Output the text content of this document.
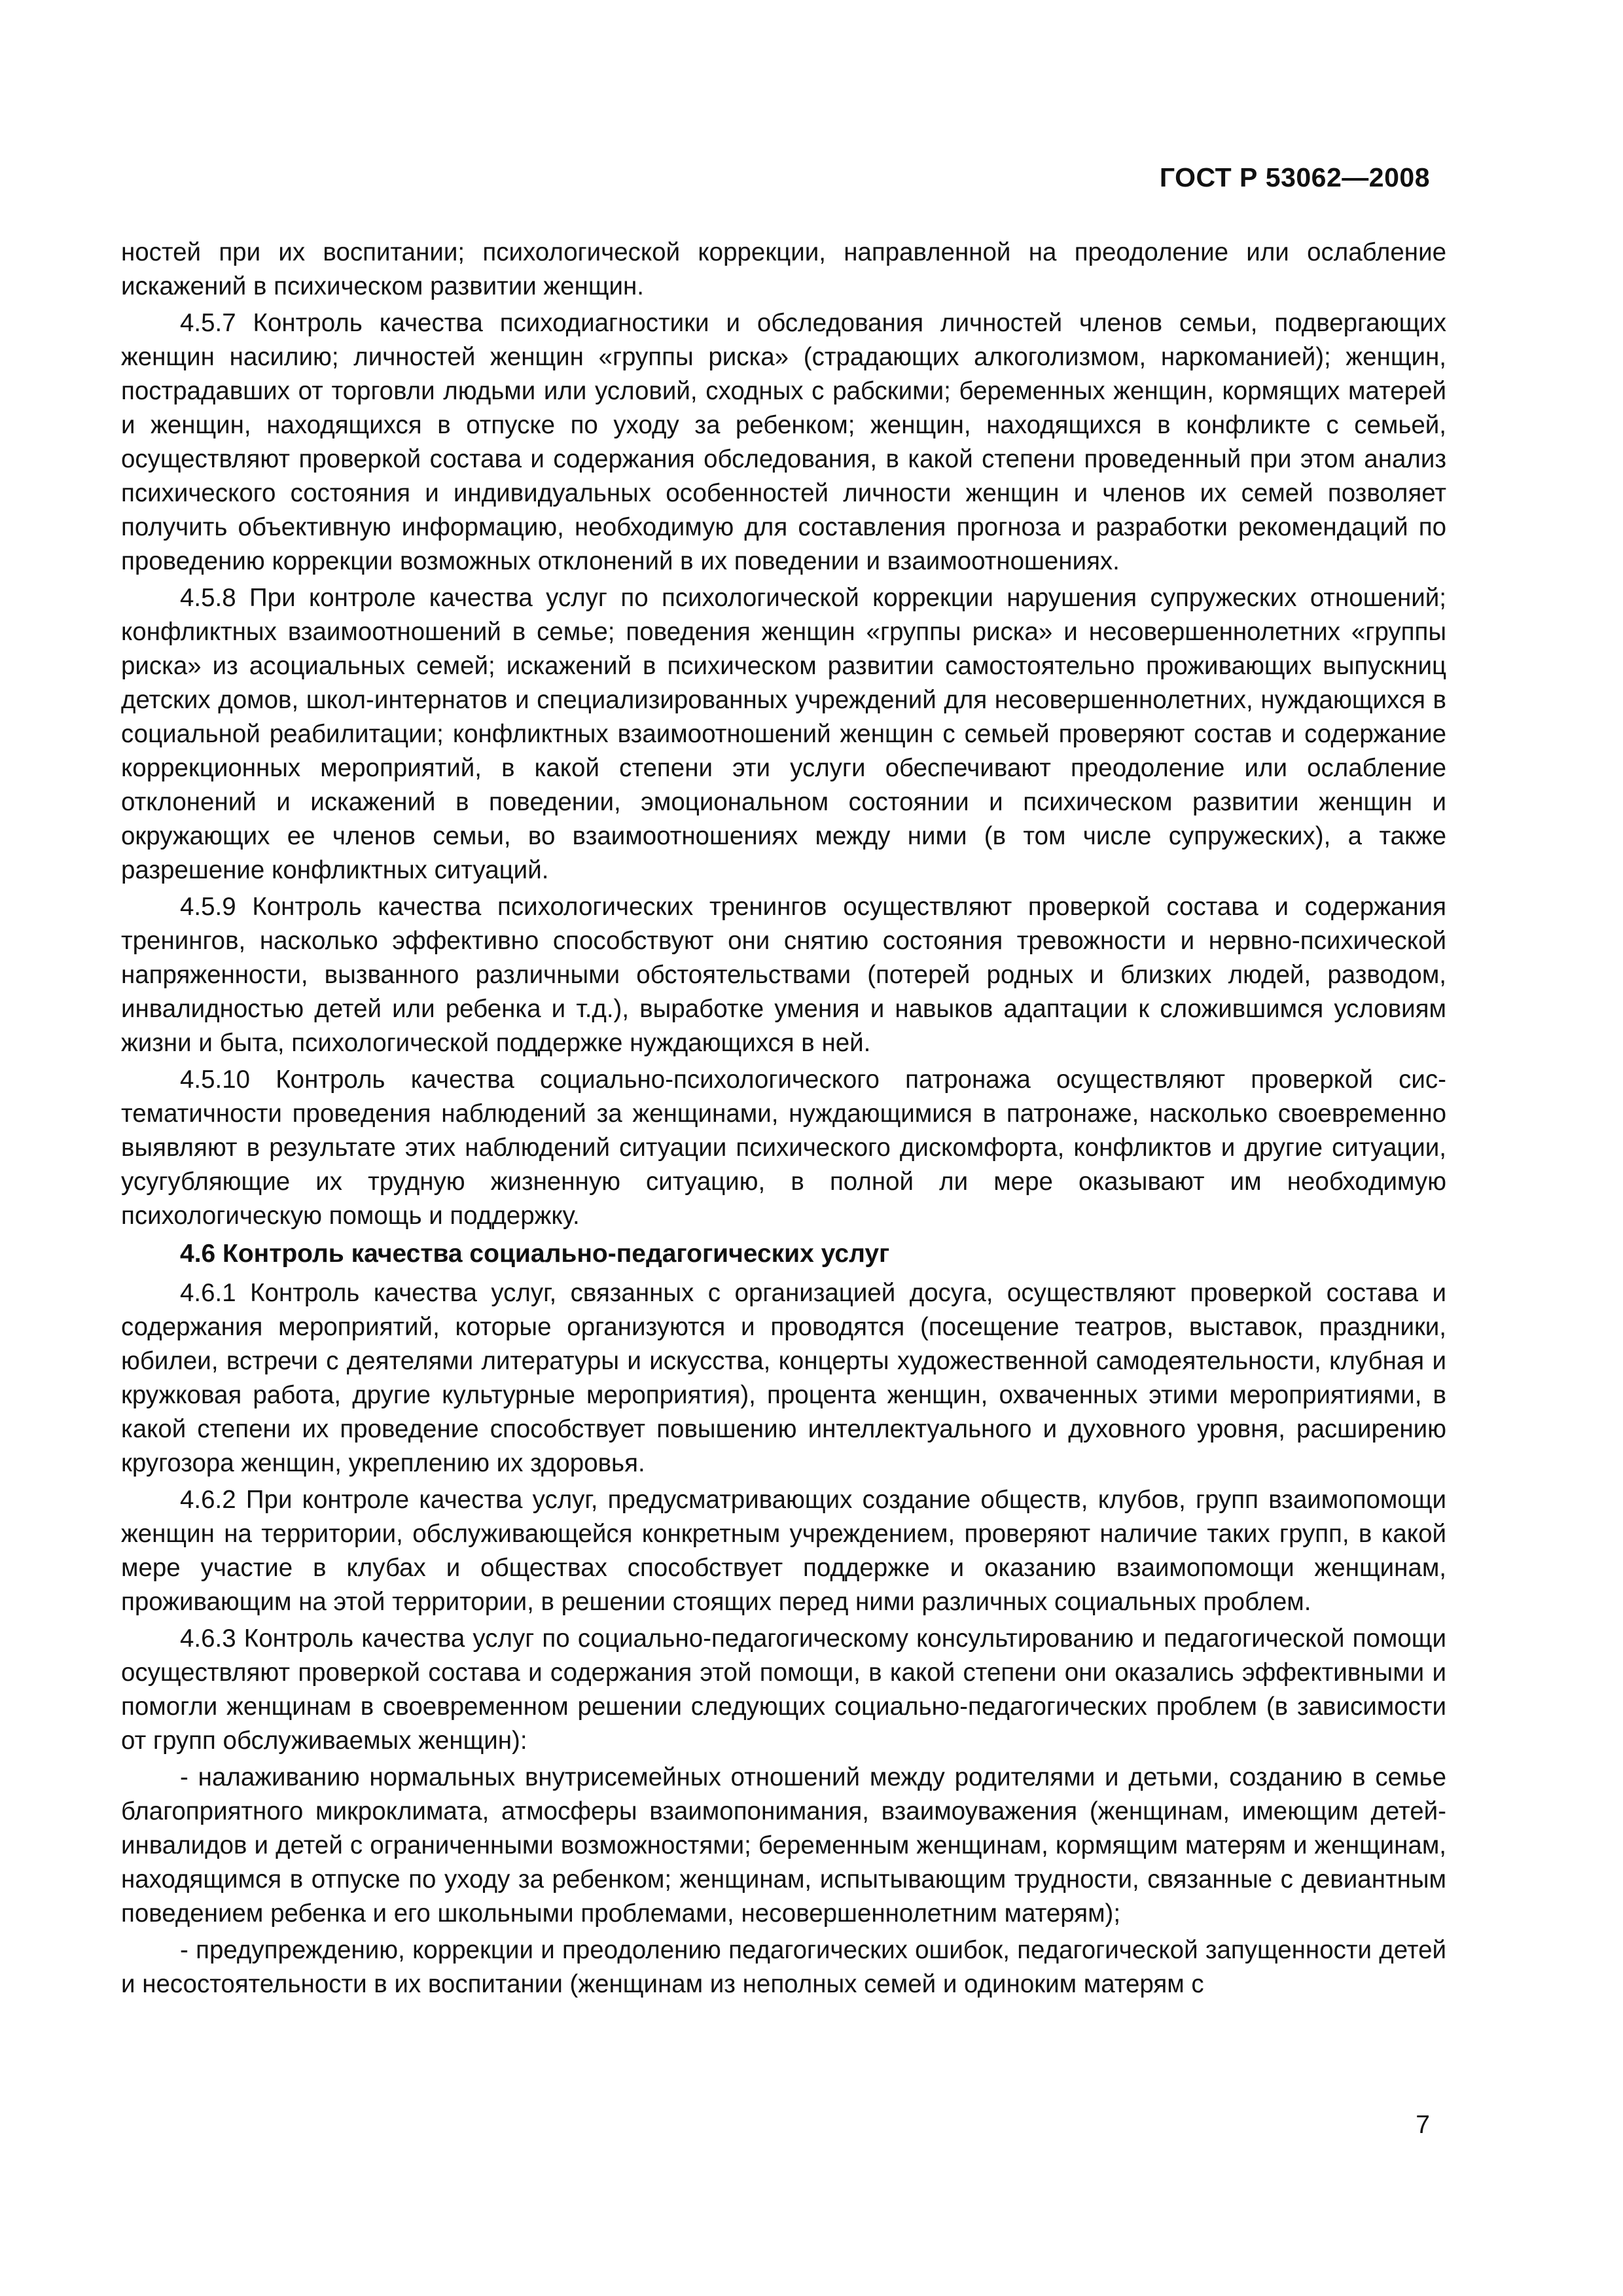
ГОСТ Р 53062—2008

ностей при их воспитании; психологической коррекции, направленной на преодоление или ослабление искажений в психическом развитии женщин.

4.5.7 Контроль качества психодиагностики и обследования личностей членов семьи, подвергающих женщин насилию; личностей женщин «группы риска» (страдающих алкоголизмом, наркоманией); женщин, пострадавших от торговли людьми или условий, сходных с рабскими; беременных женщин, кормящих матерей и женщин, находящихся в отпуске по уходу за ребенком; женщин, находящихся в конфликте с семьей, осуществляют проверкой состава и содержания обследования, в какой степени проведенный при этом анализ психического состояния и индивидуальных особенностей личности женщин и членов их семей позволяет получить объективную информацию, необходимую для составления прогноза и разработки рекомендаций по проведению коррекции возможных отклонений в их поведении и взаимоотношениях.

4.5.8 При контроле качества услуг по психологической коррекции нарушения супружеских отношений; конфликтных взаимоотношений в семье; поведения женщин «группы риска» и несовершеннолетних «группы риска» из асоциальных семей; искажений в психическом развитии самостоятельно проживающих выпускниц детских домов, школ-интернатов и специализированных учреждений для несовершеннолетних, нуждающихся в социальной реабилитации; конфликтных взаимоотношений женщин с семьей проверяют состав и содержание коррекционных мероприятий, в какой степени эти услуги обеспечивают преодоление или ослабление отклонений и искажений в поведении, эмоциональном состоянии и психическом развитии женщин и окружающих ее членов семьи, во взаимоотношениях между ними (в том числе супружеских), а также разрешение конфликтных ситуаций.

4.5.9 Контроль качества психологических тренингов осуществляют проверкой состава и содержания тренингов, насколько эффективно способствуют они снятию состояния тревожности и нервно-психической напряженности, вызванного различными обстоятельствами (потерей родных и близких людей, разводом, инвалидностью детей или ребенка и т.д.), выработке умения и навыков адаптации к сложившимся условиям жизни и быта, психологической поддержке нуждающихся в ней.

4.5.10 Контроль качества социально-психологического патронажа осуществляют проверкой систематичности проведения наблюдений за женщинами, нуждающимися в патронаже, насколько своевременно выявляют в результате этих наблюдений ситуации психического дискомфорта, конфликтов и другие ситуации, усугубляющие их трудную жизненную ситуацию, в полной ли мере оказывают им необходимую психологическую помощь и поддержку.

4.6 Контроль качества социально-педагогических услуг

4.6.1 Контроль качества услуг, связанных с организацией досуга, осуществляют проверкой состава и содержания мероприятий, которые организуются и проводятся (посещение театров, выставок, праздники, юбилеи, встречи с деятелями литературы и искусства, концерты художественной самодеятельности, клубная и кружковая работа, другие культурные мероприятия), процента женщин, охваченных этими мероприятиями, в какой степени их проведение способствует повышению интеллектуального и духовного уровня, расширению кругозора женщин, укреплению их здоровья.

4.6.2 При контроле качества услуг, предусматривающих создание обществ, клубов, групп взаимопомощи женщин на территории, обслуживающейся конкретным учреждением, проверяют наличие таких групп, в какой мере участие в клубах и обществах способствует поддержке и оказанию взаимопомощи женщинам, проживающим на этой территории, в решении стоящих перед ними различных социальных проблем.

4.6.3 Контроль качества услуг по социально-педагогическому консультированию и педагогической помощи осуществляют проверкой состава и содержания этой помощи, в какой степени они оказались эффективными и помогли женщинам в своевременном решении следующих социально-педагогических проблем (в зависимости от групп обслуживаемых женщин):

- налаживанию нормальных внутрисемейных отношений между родителями и детьми, созданию в семье благоприятного микроклимата, атмосферы взаимопонимания, взаимоуважения (женщинам, имеющим детей-инвалидов и детей с ограниченными возможностями; беременным женщинам, кормящим матерям и женщинам, находящимся в отпуске по уходу за ребенком; женщинам, испытывающим трудности, связанные с девиантным поведением ребенка и его школьными проблемами, несовершеннолетним матерям);

- предупреждению, коррекции и преодолению педагогических ошибок, педагогической запущенности детей и несостоятельности в их воспитании (женщинам из неполных семей и одиноким матерям с

7
